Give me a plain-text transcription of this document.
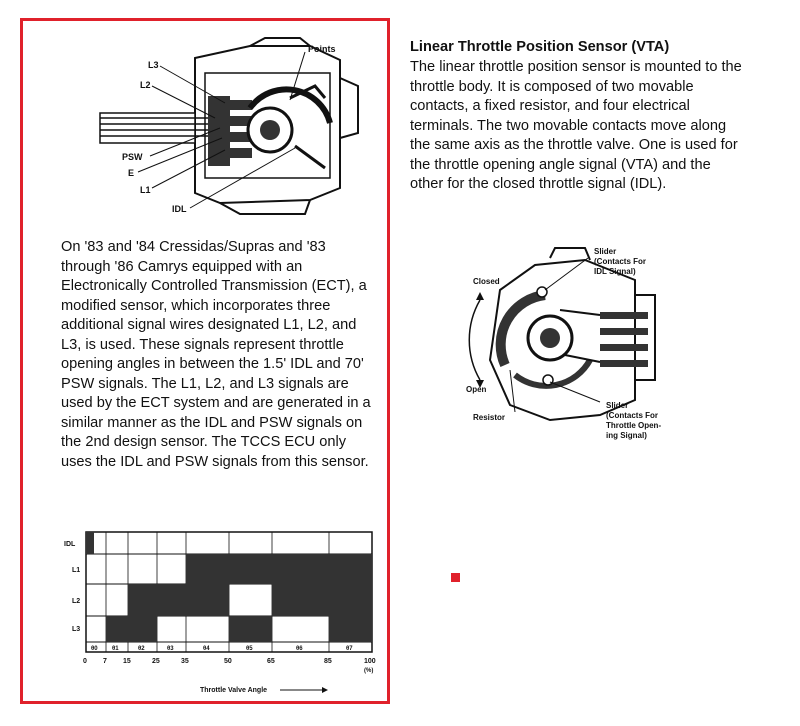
Points
L3
L2
PSW
E
L1
IDL
On '83 and '84 Cressidas/Supras and '83 through '86 Camrys equipped with an Electronically Controlled Transmission (ECT), a modified sensor, which incorporates three additional signal wires designated L1, L2, and L3, is used. These signals represent throttle opening angles in between the 1.5' IDL and 70' PSW signals. The L1, L2, and L3 signals are used by the ECT system and are generated in a similar manner as the IDL and PSW signals on the 2nd design sensor. The TCCS ECU only uses the IDL and PSW signals from this sensor.
IDL
L1
L2
L3
θ0 θ1	θ2	θ3	θ4	θ5	θ6	θ7
0 7 15	25	35	50	65	85	100
(%)
Throttle Valve Angle
Linear Throttle Position Sensor (VTA)
The linear throttle position sensor is mounted to the throttle body. It is composed of two movable contacts, a fixed resistor, and four electrical terminals. The two movable contacts move along the same axis as the throttle valve. One is used for the throttle opening angle signal (VTA) and the other for the closed throttle signal (IDL).
Closed
Open
Resistor
Slider (Contacts For IDL Signal)
Slider (Contacts For Throttle Open- ing Signal)
